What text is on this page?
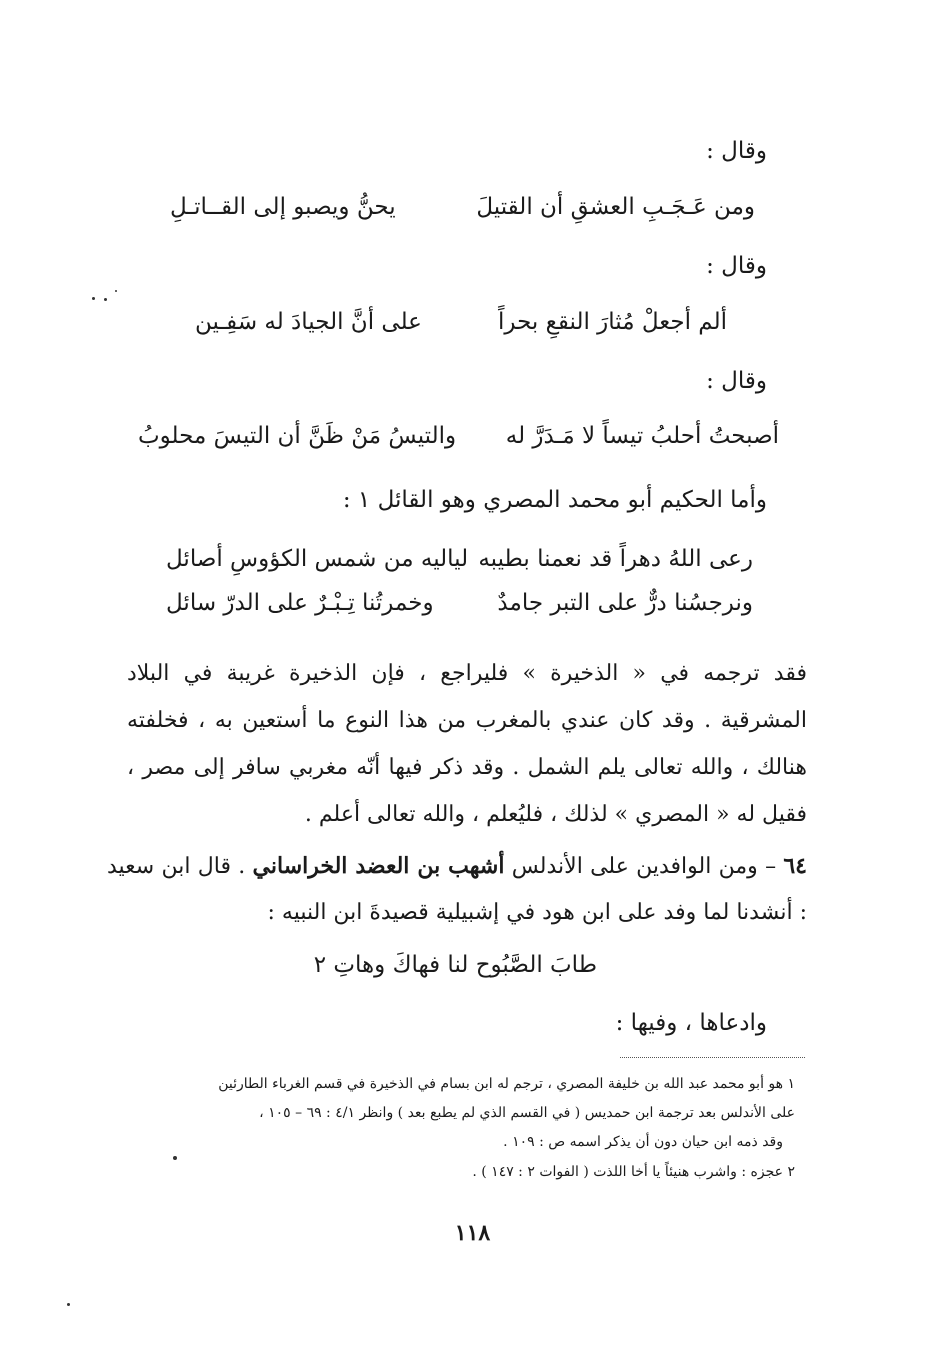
وقال :
ومن عَـجَـبِ العشقِ أن القتيلَ
يحنُّ ويصبو إلى القــاتـلِ
وقال :
ألم أجعلْ مُثارَ النقعِ بحراً
على أنَّ الجيادَ له سَفِـين
وقال :
أصبحتُ أحلبُ تيساً لا مَـدَرَّ له
والتيسُ مَنْ ظَنَّ أن التيسَ محلوبُ
وأما الحكيم أبو محمد المصري وهو القائل ١ :
رعى اللهُ دهراً قد نعمنا بطيبه
لياليه من شمس الكؤوسِ أصائل
ونرجسُنا درٌّ على التبر جامدٌ
وخمرتُنا تِـبْـرٌ على الدرّ سائل
فقد ترجمه في « الذخيرة » فليراجع ، فإن الذخيرة غريبة في البلاد المشرقية . وقد كان عندي بالمغرب من هذا النوع ما أستعين به ، فخلفته هنالك ، والله تعالى يلم الشمل . وقد ذكر فيها أنّه مغربي سافر إلى مصر ، فقيل له « المصري » لذلك ، فليُعلم ، والله تعالى أعلم .
٦٤ – ومن الوافدين على الأندلس أشهب بن العضد الخراساني . قال ابن سعيد : أنشدنا لما وفد على ابن هود في إشبيلية قصيدةَ ابن النبيه :
طابَ الصَّبُوح لنا فهاكَ وهاتِ ٢
وادعاها ، وفيها :
١ هو أبو محمد عبد الله بن خليفة المصري ، ترجم له ابن بسام في الذخيرة في قسم الغرباء الطارئين
على الأندلس بعد ترجمة ابن حمديس ( في القسم الذي لم يطبع بعد ) وانظر ٤/١ : ٦٩ – ١٠٥ ،
وقد ذمه ابن حيان دون أن يذكر اسمه ص : ١٠٩ .
٢ عجزه : واشرب هنيئاً يا أخا اللذت ( الفوات ٢ : ١٤٧ ) .
١١٨
